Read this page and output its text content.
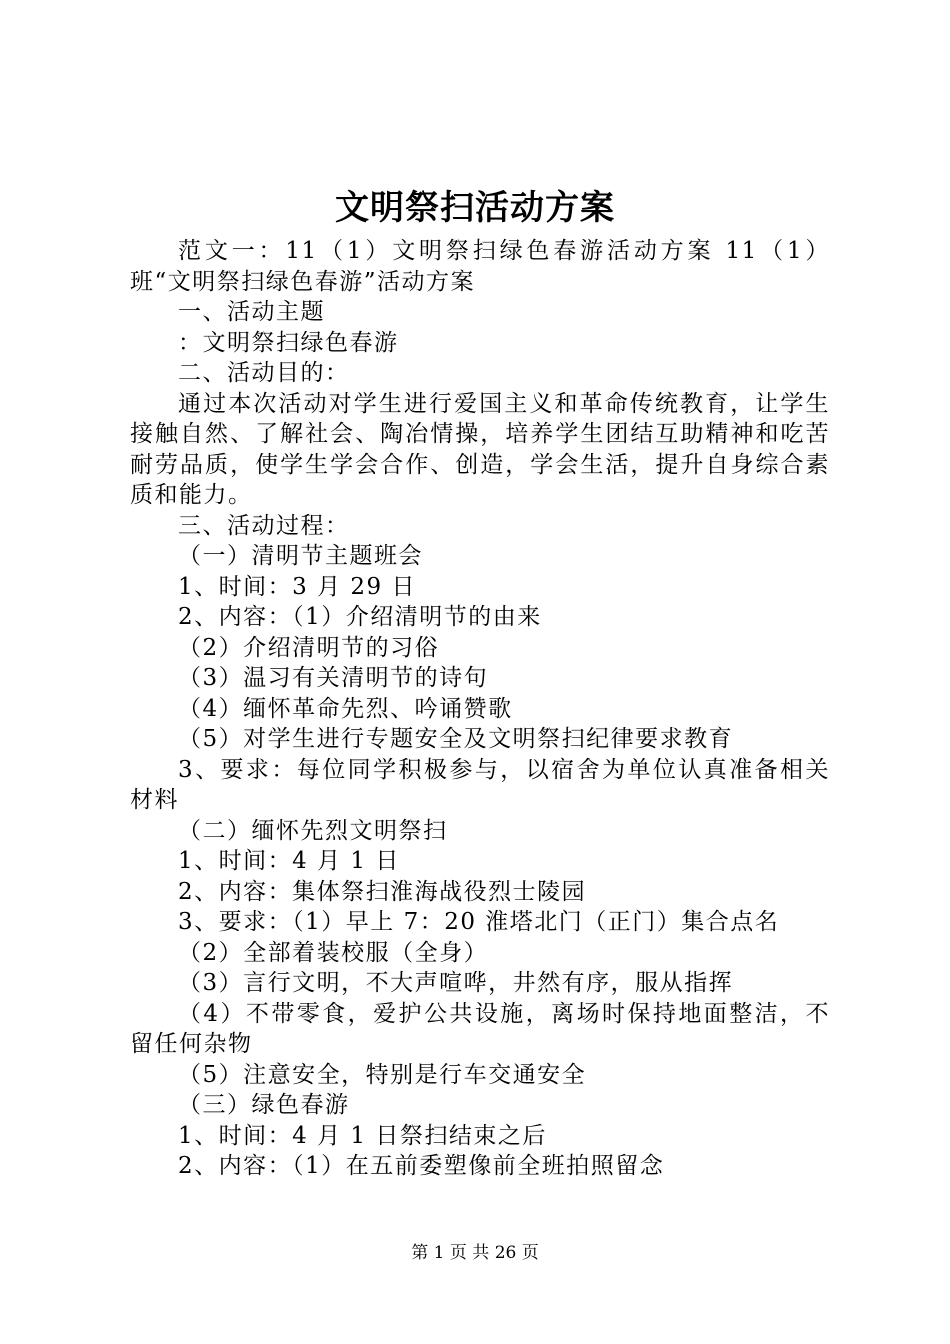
文明祭扫活动方案

范文一：11（1）文明祭扫绿色春游活动方案 11（1）班“文明祭扫绿色春游”活动方案

一、活动主题

：文明祭扫绿色春游

二、活动目的：

通过本次活动对学生进行爱国主义和革命传统教育，让学生接触自然、了解社会、陶冶情操，培养学生团结互助精神和吃苦耐劳品质，使学生学会合作、创造，学会生活，提升自身综合素质和能力。

三、活动过程：

（一）清明节主题班会

1、时间：3 月 29 日

2、内容：（1）介绍清明节的由来

（2）介绍清明节的习俗

（3）温习有关清明节的诗句

（4）缅怀革命先烈、吟诵赞歌

（5）对学生进行专题安全及文明祭扫纪律要求教育

3、要求：每位同学积极参与，以宿舍为单位认真准备相关材料

（二）缅怀先烈文明祭扫

1、时间：4 月 1 日

2、内容：集体祭扫淮海战役烈士陵园

3、要求：（1）早上 7：20 淮塔北门（正门）集合点名

（2）全部着装校服（全身）

（3）言行文明，不大声喧哗，井然有序，服从指挥

（4）不带零食，爱护公共设施，离场时保持地面整洁，不留任何杂物

（5）注意安全，特别是行车交通安全

（三）绿色春游

1、时间：4 月 1 日祭扫结束之后

2、内容：（1）在五前委塑像前全班拍照留念

第 1 页 共 26 页
